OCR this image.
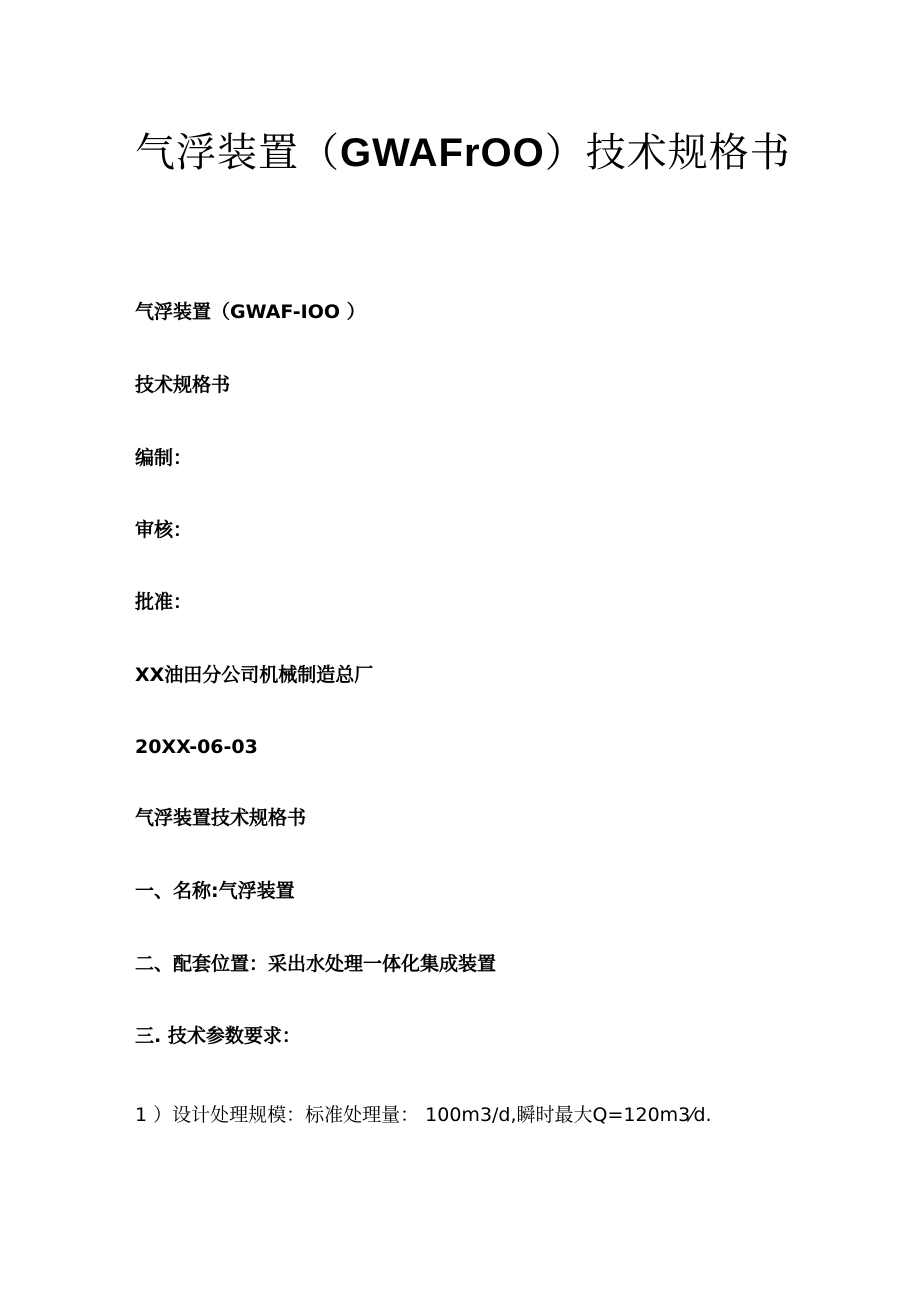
气浮装置（GWAFrOO）技术规格书

气浮装置（GWAF-IOO ）

技术规格书

编制：

审核：

批准：

XX油田分公司机械制造总厂

20XX-06-03

气浮装置技术规格书

一、名称:气浮装置

二、配套位置：采出水处理一体化集成装置

三. 技术参数要求：

1 ）设计处理规模：标准处理量： 100m3/d,瞬时最大Q=120m3⁄d.
